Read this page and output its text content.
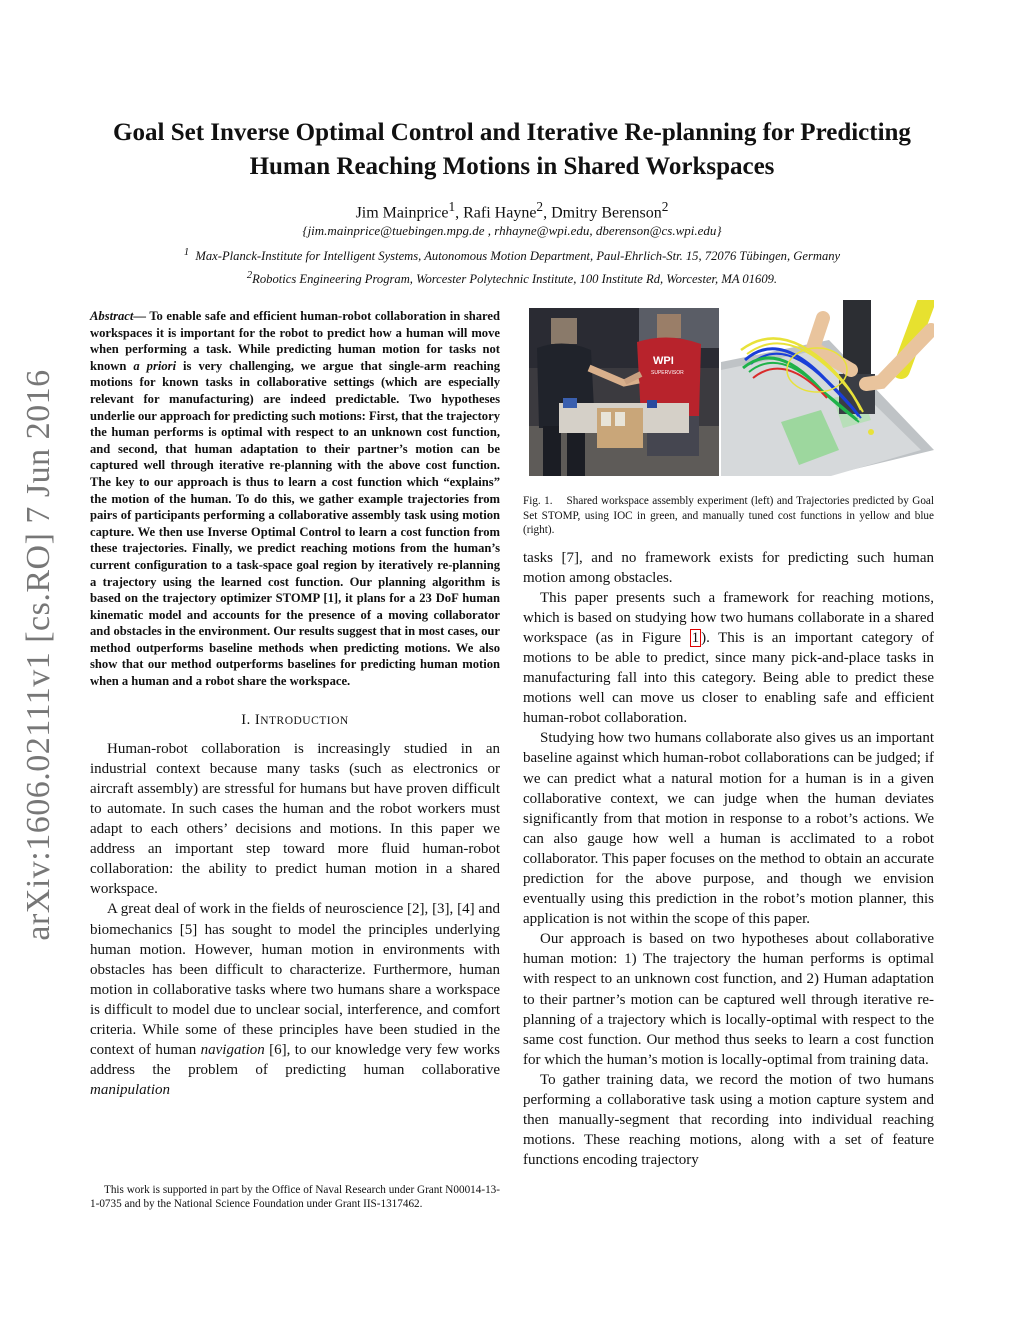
arXiv:1606.02111v1 [cs.RO] 7 Jun 2016
Goal Set Inverse Optimal Control and Iterative Re-planning for Predicting Human Reaching Motions in Shared Workspaces
Jim Mainprice$^1$, Rafi Hayne$^2$, Dmitry Berenson$^2$
{jim.mainprice@tuebingen.mpg.de , rhhayne@wpi.edu, dberenson@cs.wpi.edu}
$^1$ Max-Planck-Institute for Intelligent Systems, Autonomous Motion Department, Paul-Ehrlich-Str. 15, 72076 Tübingen, Germany
$^2$Robotics Engineering Program, Worcester Polytechnic Institute, 100 Institute Rd, Worcester, MA 01609.

Abstract— To enable safe and efficient human-robot collaboration in shared workspaces it is important for the robot to predict how a human will move when performing a task. While predicting human motion for tasks not known a priori is very challenging, we argue that single-arm reaching motions for known tasks in collaborative settings (which are especially relevant for manufacturing) are indeed predictable. Two hypotheses underlie our approach for predicting such motions: First, that the trajectory the human performs is optimal with respect to an unknown cost function, and second, that human adaptation to their partner’s motion can be captured well through iterative re-planning with the above cost function. The key to our approach is thus to learn a cost function which “explains” the motion of the human. To do this, we gather example trajectories from pairs of participants performing a collaborative assembly task using motion capture. We then use Inverse Optimal Control to learn a cost function from these trajectories. Finally, we predict reaching motions from the human’s current configuration to a task-space goal region by iteratively re-planning a trajectory using the learned cost function. Our planning algorithm is based on the trajectory optimizer STOMP [1], it plans for a 23 DoF human kinematic model and accounts for the presence of a moving collaborator and obstacles in the environment. Our results suggest that in most cases, our method outperforms baseline methods when predicting motions. We also show that our method outperforms baselines for predicting human motion when a human and a robot share the workspace.

I. INTRODUCTION

Human-robot collaboration is increasingly studied in an industrial context because many tasks (such as electronics or aircraft assembly) are stressful for humans but have proven difficult to automate. In such cases the human and the robot workers must adapt to each others’ decisions and motions. In this paper we address an important step toward more fluid human-robot collaboration: the ability to predict human motion in a shared workspace.

A great deal of work in the fields of neuroscience [2], [3], [4] and biomechanics [5] has sought to model the principles underlying human motion. However, human motion in environments with obstacles has been difficult to characterize. Furthermore, human motion in collaborative tasks where two humans share a workspace is difficult to model due to unclear social, interference, and comfort criteria. While some of these principles have been studied in the context of human navigation [6], to our knowledge very few works address the problem of predicting human collaborative manipulation

This work is supported in part by the Office of Naval Research under Grant N00014-13-1-0735 and by the National Science Foundation under Grant IIS-1317462.
WPI
SUPERVISOR

Fig. 1. Shared workspace assembly experiment (left) and Trajectories predicted by Goal Set STOMP, using IOC in green, and manually tuned cost functions in yellow and blue (right).

tasks [7], and no framework exists for predicting such human motion among obstacles.

This paper presents such a framework for reaching motions, which is based on studying how two humans collaborate in a shared workspace (as in Figure 1 ). This is an important category of motions to be able to predict, since many pick-and-place tasks in manufacturing fall into this category. Being able to predict these motions well can move us closer to enabling safe and efficient human-robot collaboration.

Studying how two humans collaborate also gives us an important baseline against which human-robot collaborations can be judged; if we can predict what a natural motion for a human is in a given collaborative context, we can judge when the human deviates significantly from that motion in response to a robot’s actions. We can also gauge how well a human is acclimated to a robot collaborator. This paper focuses on the method to obtain an accurate prediction for the above purpose, and though we envision eventually using this prediction in the robot’s motion planner, this application is not within the scope of this paper.

Our approach is based on two hypotheses about collaborative human motion: 1) The trajectory the human performs is optimal with respect to an unknown cost function, and 2) Human adaptation to their partner’s motion can be captured well through iterative re-planning of a trajectory which is locally-optimal with respect to the same cost function. Our method thus seeks to learn a cost function for which the human’s motion is locally-optimal from training data.

To gather training data, we record the motion of two humans performing a collaborative task using a motion capture system and then manually-segment that recording into individual reaching motions. These reaching motions, along with a set of feature functions encoding trajectory
